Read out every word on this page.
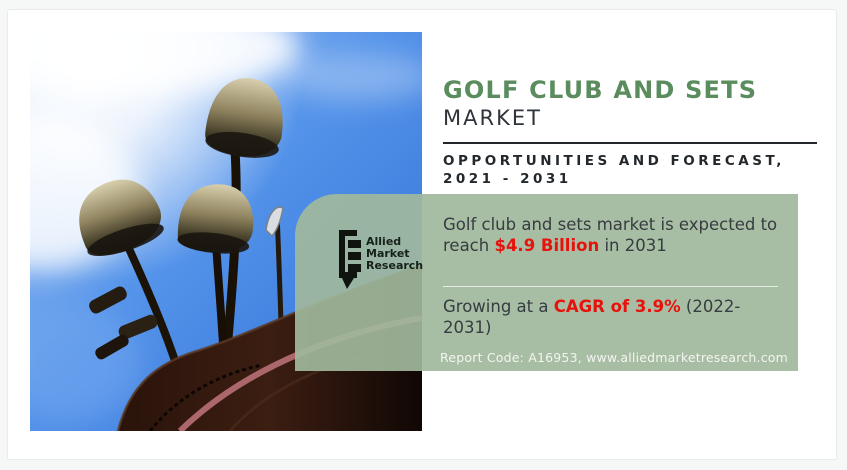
GOLF CLUB AND SETS
MARKET
OPPORTUNITIES AND FORECAST,
2021 - 2031
Allied
Market
Research
Golf club and sets market is expected to reach $4.9 Billion in 2031
Growing at a CAGR of 3.9% (2022-2031)
Report Code: A16953, www.alliedmarketresearch.com
